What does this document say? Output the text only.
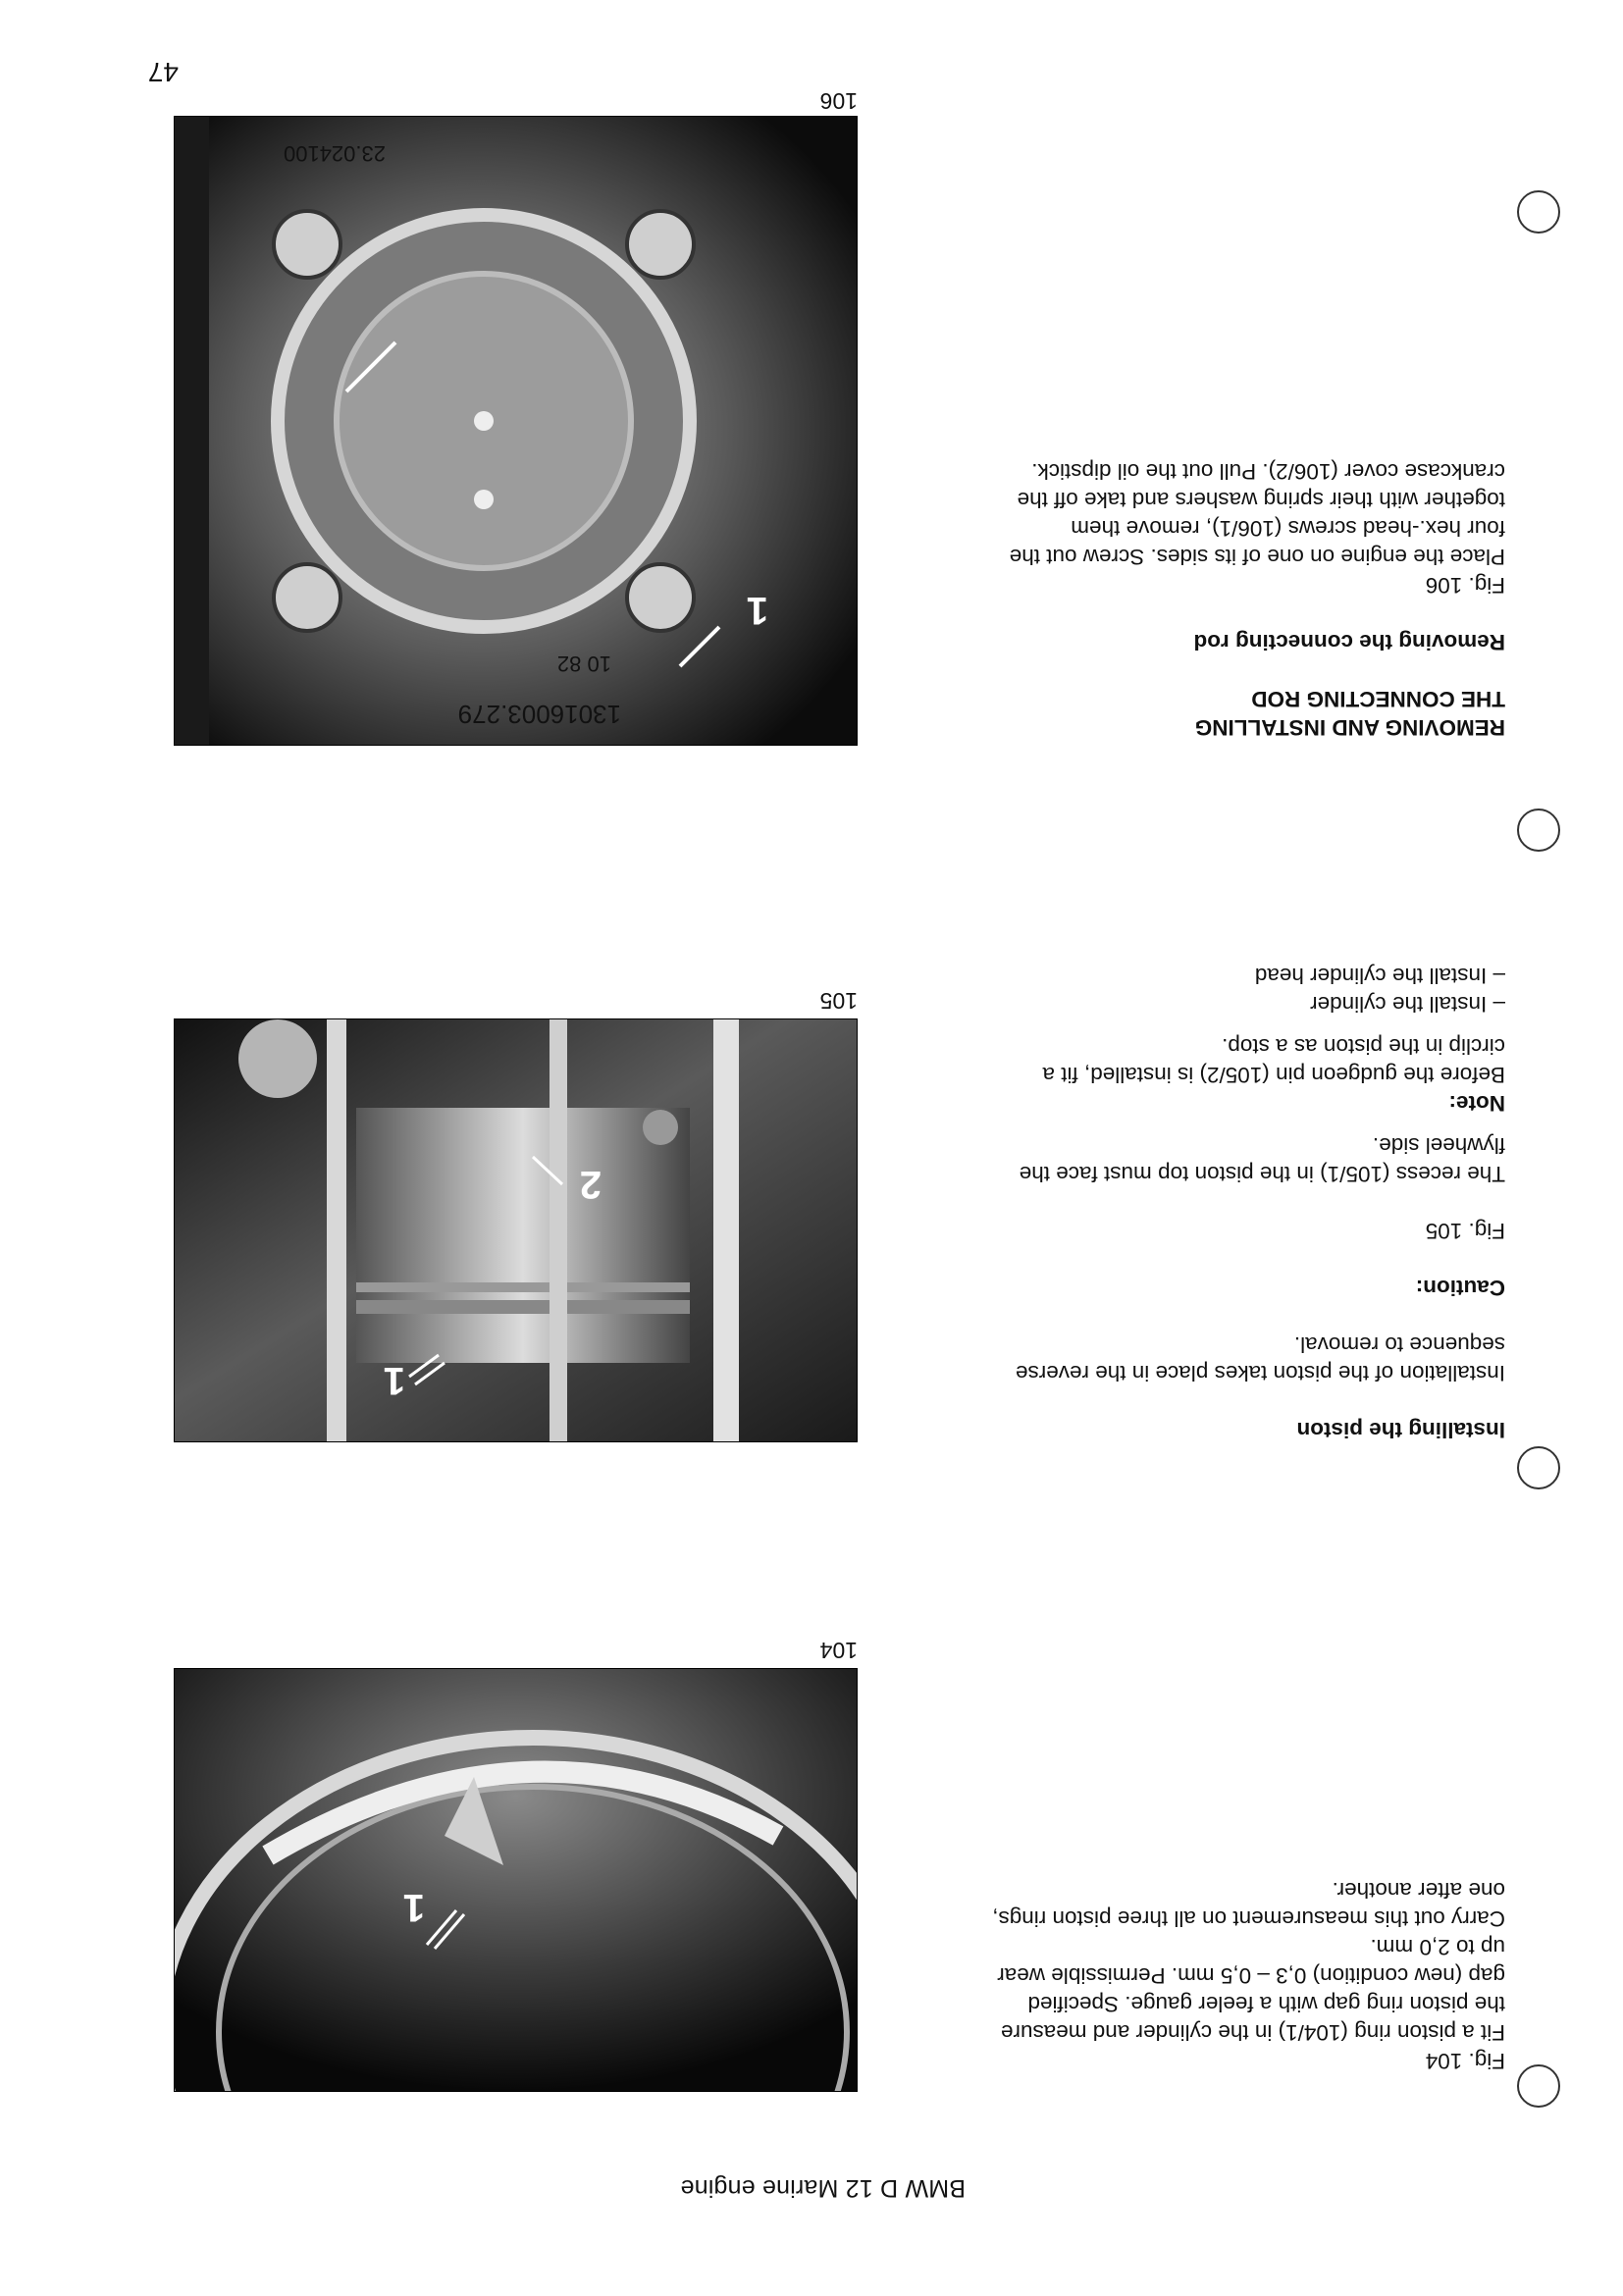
BMW D 12 Marine engine
47

Fig. 104

Fit a piston ring (104/1) in the cylinder and measure the piston ring gap with a feeler gauge. Specified gap (new condition) 0,3 – 0,5 mm. Permissible wear up to 2,0 mm.

Carry out this measurement on all three piston rings, one after another.

Installing the piston

Installation of the piston takes place in the reverse sequence to removal.

Caution:

Fig. 105

The recess (105/1) in the piston top must face the flywheel side.

Note:

Before the gudgeon pin (105/2) is installed, fit a circlip in the piston as a stop.

– Install the cylinder

– Install the cylinder head

REMOVING AND INSTALLING THE CONNECTING ROD

Removing the connecting rod

Fig. 106

Place the engine on one of its sides. Screw out the four hex.-head screws (106/1), remove them together with their spring washers and take off the crankcase cover (106/2). Pull out the oil dipstick.

1
104
1
2
105
13016003.279
10 82
23.024100
1
106
